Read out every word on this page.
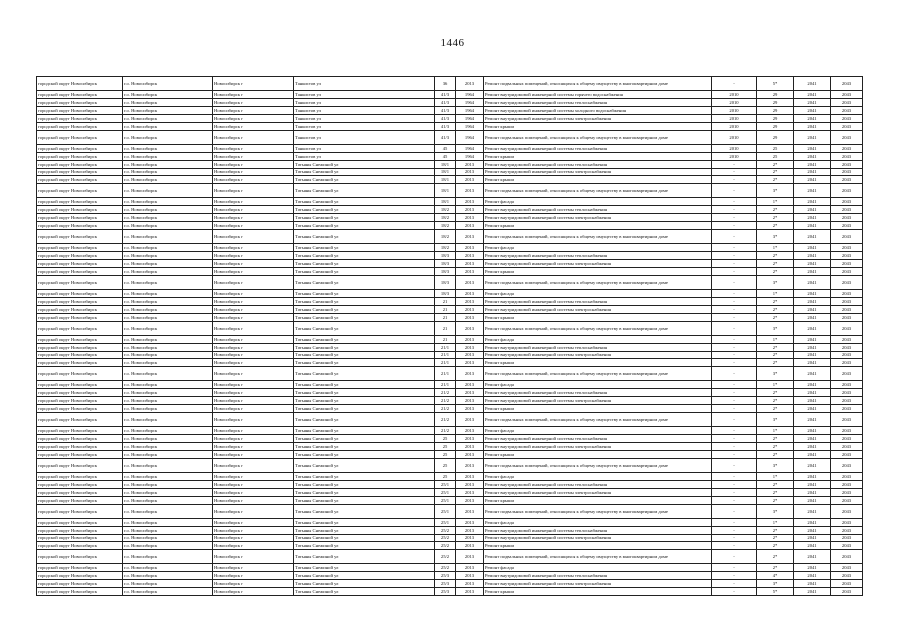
1446
городской округ Новосибирск	г.о. Новосибирск	Новосибирск г	Танкистов ул	36	2013	Ремонт подвальных помещений, относящихся к общему имуществу в многоквартирном доме	-	5*	2041	2043
городской округ Новосибирск	г.о. Новосибирск	Новосибирск г	Танкистов ул	41/3	1964	Ремонт внутридомовой инженерной системы горячего водоснабжения	2010	29	2041	2043
городской округ Новосибирск	г.о. Новосибирск	Новосибирск г	Танкистов ул	41/3	1964	Ремонт внутридомовой инженерной системы теплоснабжения	2010	29	2041	2043
городской округ Новосибирск	г.о. Новосибирск	Новосибирск г	Танкистов ул	41/3	1964	Ремонт внутридомовой инженерной системы холодного водоснабжения	2010	29	2041	2043
городской округ Новосибирск	г.о. Новосибирск	Новосибирск г	Танкистов ул	41/3	1964	Ремонт внутридомовой инженерной системы электроснабжения	2010	29	2041	2043
городской округ Новосибирск	г.о. Новосибирск	Новосибирск г	Танкистов ул	41/3	1964	Ремонт крыши	2010	29	2041	2043
городской округ Новосибирск	г.о. Новосибирск	Новосибирск г	Танкистов ул	41/3	1964	Ремонт подвальных помещений, относящихся к общему имуществу в многоквартирном доме	2010	29	2041	2043
городской округ Новосибирск	г.о. Новосибирск	Новосибирск г	Танкистов ул	45	1964	Ремонт внутридомовой инженерной системы теплоснабжения	2010	25	2041	2043
городской округ Новосибирск	г.о. Новосибирск	Новосибирск г	Танкистов ул	45	1964	Ремонт крыши	2010	25	2041	2043
городской округ Новосибирск	г.о. Новосибирск	Новосибирск г	Татьяны Снежиной ул	18/1	2013	Ремонт внутридомовой инженерной системы теплоснабжения	-	2*	2041	2043
городской округ Новосибирск	г.о. Новосибирск	Новосибирск г	Татьяны Снежиной ул	18/1	2013	Ремонт внутридомовой инженерной системы электроснабжения	-	2*	2041	2043
городской округ Новосибирск	г.о. Новосибирск	Новосибирск г	Татьяны Снежиной ул	18/1	2013	Ремонт крыши	-	2*	2041	2043
городской округ Новосибирск	г.о. Новосибирск	Новосибирск г	Татьяны Снежиной ул	18/1	2013	Ремонт подвальных помещений, относящихся к общему имуществу в многоквартирном доме	-	3*	2041	2043
городской округ Новосибирск	г.о. Новосибирск	Новосибирск г	Татьяны Снежиной ул	18/1	2013	Ремонт фасада	-	1*	2041	2043
городской округ Новосибирск	г.о. Новосибирск	Новосибирск г	Татьяны Снежиной ул	18/2	2013	Ремонт внутридомовой инженерной системы теплоснабжения	-	2*	2041	2043
городской округ Новосибирск	г.о. Новосибирск	Новосибирск г	Татьяны Снежиной ул	18/2	2013	Ремонт внутридомовой инженерной системы электроснабжения	-	2*	2041	2043
городской округ Новосибирск	г.о. Новосибирск	Новосибирск г	Татьяны Снежиной ул	18/2	2013	Ремонт крыши	-	2*	2041	2043
городской округ Новосибирск	г.о. Новосибирск	Новосибирск г	Татьяны Снежиной ул	18/2	2013	Ремонт подвальных помещений, относящихся к общему имуществу в многоквартирном доме	-	3*	2041	2043
городской округ Новосибирск	г.о. Новосибирск	Новосибирск г	Татьяны Снежиной ул	18/2	2013	Ремонт фасада	-	1*	2041	2043
городской округ Новосибирск	г.о. Новосибирск	Новосибирск г	Татьяны Снежиной ул	18/3	2013	Ремонт внутридомовой инженерной системы теплоснабжения	-	2*	2041	2043
городской округ Новосибирск	г.о. Новосибирск	Новосибирск г	Татьяны Снежиной ул	18/3	2013	Ремонт внутридомовой инженерной системы электроснабжения	-	2*	2041	2043
городской округ Новосибирск	г.о. Новосибирск	Новосибирск г	Татьяны Снежиной ул	18/3	2013	Ремонт крыши	-	2*	2041	2043
городской округ Новосибирск	г.о. Новосибирск	Новосибирск г	Татьяны Снежиной ул	18/3	2013	Ремонт подвальных помещений, относящихся к общему имуществу в многоквартирном доме	-	3*	2041	2043
городской округ Новосибирск	г.о. Новосибирск	Новосибирск г	Татьяны Снежиной ул	18/3	2013	Ремонт фасада	-	1*	2041	2043
городской округ Новосибирск	г.о. Новосибирск	Новосибирск г	Татьяны Снежиной ул	21	2013	Ремонт внутридомовой инженерной системы теплоснабжения	-	2*	2041	2043
городской округ Новосибирск	г.о. Новосибирск	Новосибирск г	Татьяны Снежиной ул	21	2013	Ремонт внутридомовой инженерной системы электроснабжения	-	2*	2041	2043
городской округ Новосибирск	г.о. Новосибирск	Новосибирск г	Татьяны Снежиной ул	21	2013	Ремонт крыши	-	2*	2041	2043
городской округ Новосибирск	г.о. Новосибирск	Новосибирск г	Татьяны Снежиной ул	21	2013	Ремонт подвальных помещений, относящихся к общему имуществу в многоквартирном доме	-	3*	2041	2043
городской округ Новосибирск	г.о. Новосибирск	Новосибирск г	Татьяны Снежиной ул	21	2013	Ремонт фасада	-	1*	2041	2043
городской округ Новосибирск	г.о. Новосибирск	Новосибирск г	Татьяны Снежиной ул	21/1	2013	Ремонт внутридомовой инженерной системы теплоснабжения	-	2*	2041	2043
городской округ Новосибирск	г.о. Новосибирск	Новосибирск г	Татьяны Снежиной ул	21/1	2013	Ремонт внутридомовой инженерной системы электроснабжения	-	2*	2041	2043
городской округ Новосибирск	г.о. Новосибирск	Новосибирск г	Татьяны Снежиной ул	21/1	2013	Ремонт крыши	-	2*	2041	2043
городской округ Новосибирск	г.о. Новосибирск	Новосибирск г	Татьяны Снежиной ул	21/1	2013	Ремонт подвальных помещений, относящихся к общему имуществу в многоквартирном доме	-	3*	2041	2043
городской округ Новосибирск	г.о. Новосибирск	Новосибирск г	Татьяны Снежиной ул	21/1	2013	Ремонт фасада	-	1*	2041	2043
городской округ Новосибирск	г.о. Новосибирск	Новосибирск г	Татьяны Снежиной ул	21/2	2013	Ремонт внутридомовой инженерной системы теплоснабжения	-	2*	2041	2043
городской округ Новосибирск	г.о. Новосибирск	Новосибирск г	Татьяны Снежиной ул	21/2	2013	Ремонт внутридомовой инженерной системы электроснабжения	-	2*	2041	2043
городской округ Новосибирск	г.о. Новосибирск	Новосибирск г	Татьяны Снежиной ул	21/2	2013	Ремонт крыши	-	2*	2041	2043
городской округ Новосибирск	г.о. Новосибирск	Новосибирск г	Татьяны Снежиной ул	21/2	2013	Ремонт подвальных помещений, относящихся к общему имуществу в многоквартирном доме	-	3*	2041	2043
городской округ Новосибирск	г.о. Новосибирск	Новосибирск г	Татьяны Снежиной ул	21/2	2013	Ремонт фасада	-	1*	2041	2043
городской округ Новосибирск	г.о. Новосибирск	Новосибирск г	Татьяны Снежиной ул	25	2013	Ремонт внутридомовой инженерной системы теплоснабжения	-	2*	2041	2043
городской округ Новосибирск	г.о. Новосибирск	Новосибирск г	Татьяны Снежиной ул	25	2013	Ремонт внутридомовой инженерной системы электроснабжения	-	2*	2041	2043
городской округ Новосибирск	г.о. Новосибирск	Новосибирск г	Татьяны Снежиной ул	25	2013	Ремонт крыши	-	2*	2041	2043
городской округ Новосибирск	г.о. Новосибирск	Новосибирск г	Татьяны Снежиной ул	25	2013	Ремонт подвальных помещений, относящихся к общему имуществу в многоквартирном доме	-	3*	2041	2043
городской округ Новосибирск	г.о. Новосибирск	Новосибирск г	Татьяны Снежиной ул	25	2013	Ремонт фасада	-	1*	2041	2043
городской округ Новосибирск	г.о. Новосибирск	Новосибирск г	Татьяны Снежиной ул	25/1	2013	Ремонт внутридомовой инженерной системы теплоснабжения	-	2*	2041	2043
городской округ Новосибирск	г.о. Новосибирск	Новосибирск г	Татьяны Снежиной ул	25/1	2013	Ремонт внутридомовой инженерной системы электроснабжения	-	2*	2041	2043
городской округ Новосибирск	г.о. Новосибирск	Новосибирск г	Татьяны Снежиной ул	25/1	2013	Ремонт крыши	-	2*	2041	2043
городской округ Новосибирск	г.о. Новосибирск	Новосибирск г	Татьяны Снежиной ул	25/1	2013	Ремонт подвальных помещений, относящихся к общему имуществу в многоквартирном доме	-	3*	2041	2043
городской округ Новосибирск	г.о. Новосибирск	Новосибирск г	Татьяны Снежиной ул	25/1	2013	Ремонт фасада	-	1*	2041	2043
городской округ Новосибирск	г.о. Новосибирск	Новосибирск г	Татьяны Снежиной ул	25/2	2013	Ремонт внутридомовой инженерной системы теплоснабжения	-	2*	2041	2043
городской округ Новосибирск	г.о. Новосибирск	Новосибирск г	Татьяны Снежиной ул	25/2	2013	Ремонт внутридомовой инженерной системы электроснабжения	-	2*	2041	2043
городской округ Новосибирск	г.о. Новосибирск	Новосибирск г	Татьяны Снежиной ул	25/2	2013	Ремонт крыши	-	2*	2041	2043
городской округ Новосибирск	г.о. Новосибирск	Новосибирск г	Татьяны Снежиной ул	25/2	2013	Ремонт подвальных помещений, относящихся к общему имуществу в многоквартирном доме	-	2*	2041	2043
городской округ Новосибирск	г.о. Новосибирск	Новосибирск г	Татьяны Снежиной ул	25/2	2013	Ремонт фасада	-	2*	2041	2043
городской округ Новосибирск	г.о. Новосибирск	Новосибирск г	Татьяны Снежиной ул	25/3	2013	Ремонт внутридомовой инженерной системы теплоснабжения	-	4*	2041	2043
городской округ Новосибирск	г.о. Новосибирск	Новосибирск г	Татьяны Снежиной ул	25/3	2013	Ремонт внутридомовой инженерной системы электроснабжения	-	3*	2041	2043
городской округ Новосибирск	г.о. Новосибирск	Новосибирск г	Татьяны Снежиной ул	25/3	2013	Ремонт крыши	-	5*	2041	2043
